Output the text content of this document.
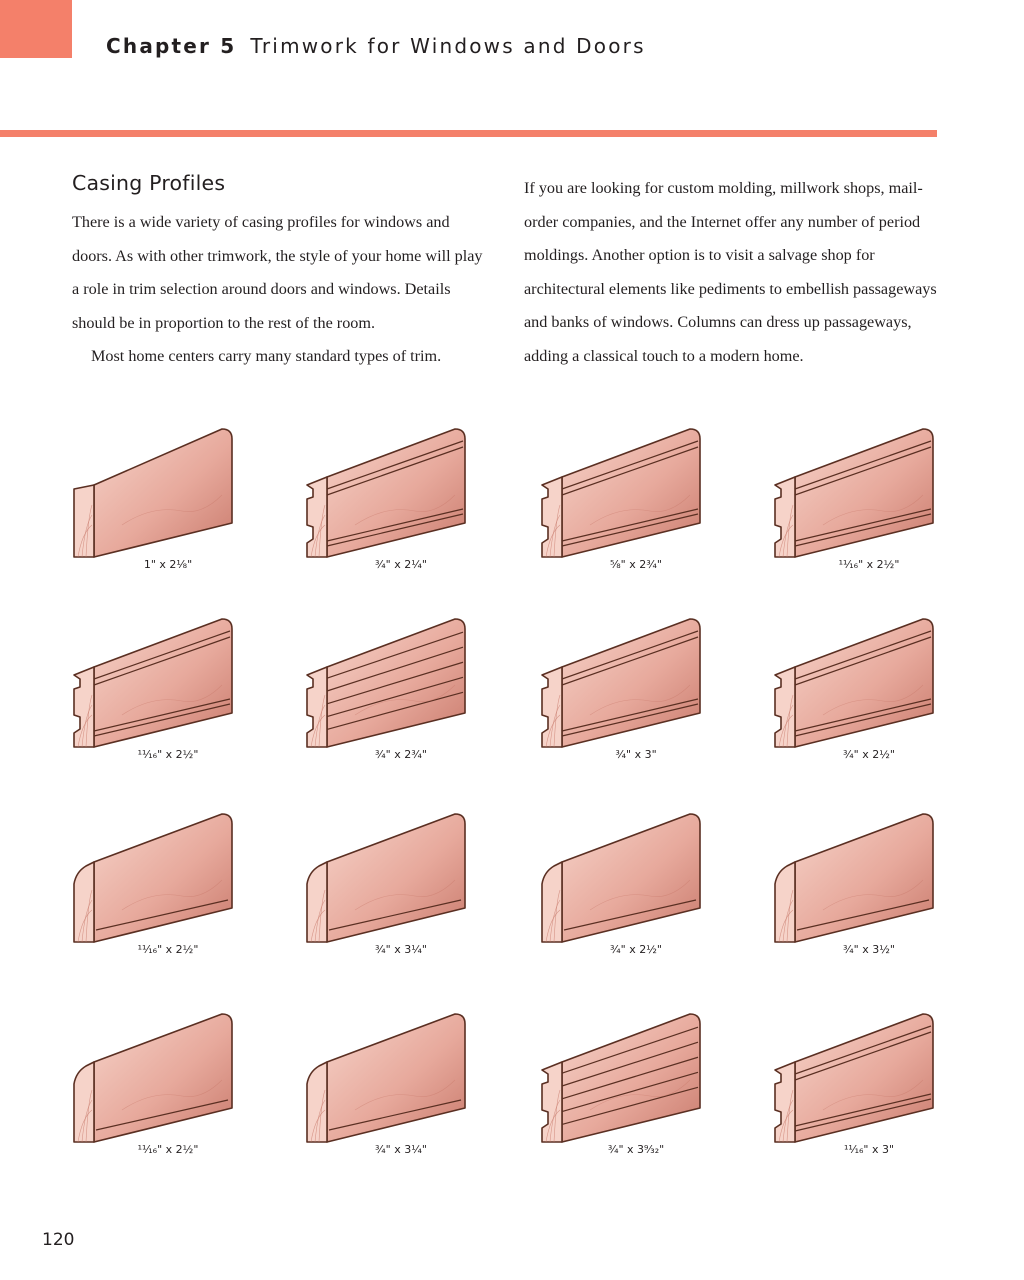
Chapter 5 Trimwork for Windows and Doors
Casing Profiles

There is a wide variety of casing profiles for windows and doors. As with other trimwork, the style of your home will play a role in trim selection around doors and windows. Details should be in proportion to the rest of the room.

Most home centers carry many standard types of trim.

If you are looking for custom molding, millwork shops, mail-order companies, and the Internet offer any number of period moldings. Another option is to visit a salvage shop for architectural elements like pediments to embellish passageways and banks of windows. Columns can dress up passageways, adding a classical touch to a modern home.

1" x 2⅛"	¾" x 2¼"	⅝" x 2¾"	¹¹⁄₁₆" x 2½"
¹¹⁄₁₆" x 2½"	¾" x 2¾"	¾" x 3"	¾" x 2½"
¹¹⁄₁₆" x 2½"	¾" x 3¼"	¾" x 2½"	¾" x 3½"
¹¹⁄₁₆" x 2½"	¾" x 3¼"	¾" x 3⁹⁄₃₂"	¹¹⁄₁₆" x 3"
120
